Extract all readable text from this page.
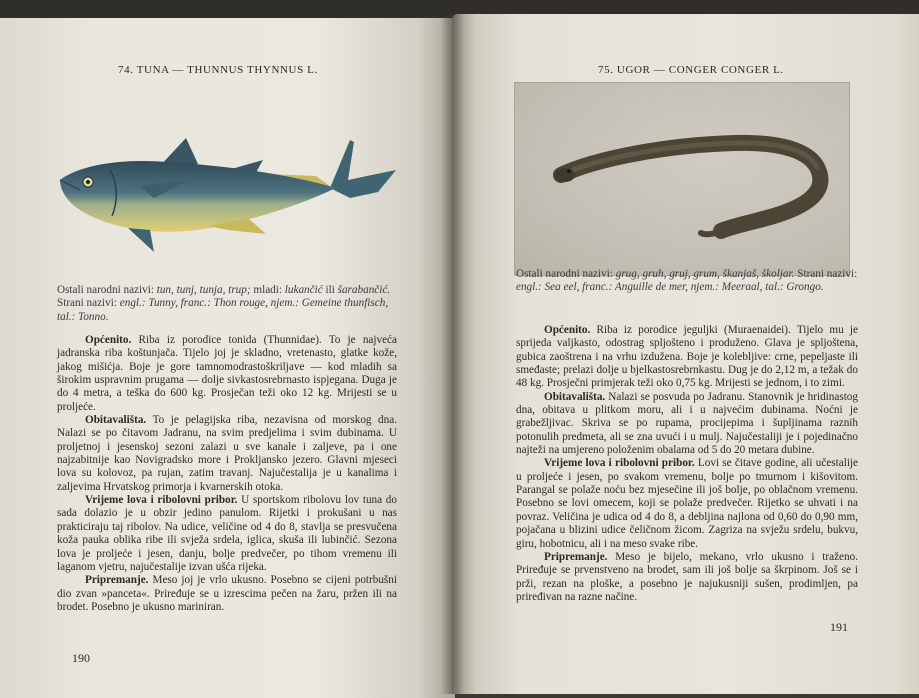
74. TUNA — THUNNUS THYNNUS L.
Ostali narodni nazivi: tun, tunj, tunja, trup; mladi: lukančić ili šarabančić. Strani nazivi: engl.: Tunny, franc.: Thon rouge, njem.: Gemeine thunfisch, tal.: Tonno.

Općenito. Riba iz porodice tonida (Thunnidae). To je najveća jadranska riba koštunjača. Tijelo joj je skladno, vretenasto, glatke kože, jakog mišićja. Boje je gore tamnomodrastoškriljave — kod mladih sa širokim uspravnim prugama — dolje sivkastosrebrnasto ispjegana. Duga je do 4 metra, a teška do 600 kg. Prosječan teži oko 12 kg. Mrijesti se u proljeće.

Obitavališta. To je pelagijska riba, nezavisna od morskog dna. Nalazi se po čitavom Jadranu, na svim predjelima i svim dubinama. U proljetnoj i jesenskoj sezoni zalazi u sve kanale i zaljeve, pa i one najzabitnije kao Novigradsko more i Prokljansko jezero. Glavni mjeseci lova su kolovoz, pa rujan, zatim travanj. Najučestalija je u kanalima i zaljevima Hrvatskog primorja i kvarnerskih otoka.

Vrijeme lova i ribolovni pribor. U sportskom ribolovu lov tuna do sada dolazio je u obzir jedino panulom. Rijetki i prokušani u nas prakticiraju taj ribolov. Na udice, veličine od 4 do 8, stavlja se presvučena koža pauka oblika ribe ili svježa srdela, iglica, skuša ili lubinčić. Sezona lova je proljeće i jesen, danju, bolje predvečer, po tihom vremenu ili laganom vjetru, najučestalije izvan ušća rijeka.

Pripremanje. Meso joj je vrlo ukusno. Posebno se cijeni potrbušni dio zvan »panceta«. Priređuje se u izrescima pečen na žaru, pržen ili na brodet. Posebno je ukusno mariniran.

190
75. UGOR — CONGER CONGER L.
Ostali narodni nazivi: grug, gruh, gruj, grum, škanjaš, školjar. Strani nazivi: engl.: Sea eel, franc.: Anguille de mer, njem.: Meeraal, tal.: Grongo.

Općenito. Riba iz porodice jeguljki (Muraenaidei). Tijelo mu je sprijeda valjkasto, odostrag spljošteno i produženo. Glava je spljoštena, gubica zaoštrena i na vrhu izdužena. Boje je kolebljive: crne, pepeljaste ili smeđaste; prelazi dolje u bjelkastosrebrnkastu. Dug je do 2,12 m, a težak do 48 kg. Prosječni primjerak teži oko 0,75 kg. Mrijesti se jednom, i to zimi.

Obitavališta. Nalazi se posvuda po Jadranu. Stanovnik je hridinastog dna, obitava u plitkom moru, ali i u najvećim dubinama. Noćni je grabežljivac. Skriva se po rupama, procijepima i šupljinama raznih potonulih predmeta, ali se zna uvući i u mulj. Najučestaliji je i pojedinačno najteži na umjereno položenim obalama od 5 do 20 metara dubine.

Vrijeme lova i ribolovni pribor. Lovi se čitave godine, ali učestalije u proljeće i jesen, po svakom vremenu, bolje po tmurnom i kišovitom. Parangal se polaže noću bez mjesečine ili još bolje, po oblačnom vremenu. Posebno se lovi omecem, koji se polaže predvečer. Rijetko se uhvati i na povraz. Veličina je udica od 4 do 8, a debljina najlona od 0,60 do 0,90 mm, pojačana u blizini udice čeličnom žicom. Zagriza na svježu srdelu, bukvu, giru, hobotnicu, ali i na meso svake ribe.

Pripremanje. Meso je bijelo, mekano, vrlo ukusno i traženo. Priređuje se prvenstveno na brodet, sam ili još bolje sa škrpinom. Još se i prži, rezan na ploške, a posebno je najukusniji sušen, prodimljen, pa priređivan na razne načine.

191
